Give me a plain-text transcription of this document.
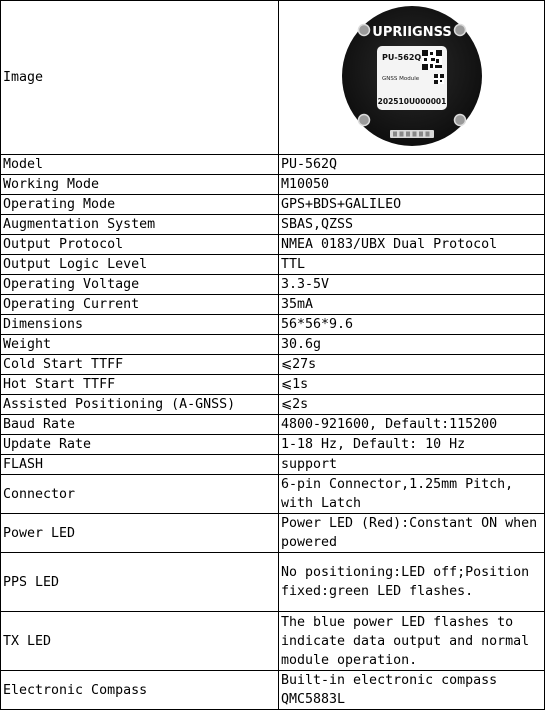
Image	UPRIIGNSS
PU-562Q
GNSS Module
202510U000001

Model	PU-562Q
Working Mode	M10050
Operating Mode	GPS+BDS+GALILEO
Augmentation System	SBAS,QZSS
Output Protocol	NMEA 0183/UBX Dual Protocol
Output Logic Level	TTL
Operating Voltage	3.3-5V
Operating Current	35mA
Dimensions	56*56*9.6
Weight	30.6g
Cold Start TTFF	⩽27s
Hot Start TTFF	⩽1s
Assisted Positioning (A-GNSS)	⩽2s
Baud Rate	4800-921600, Default:115200
Update Rate	1-18 Hz, Default: 10 Hz
FLASH	support
Connector	6-pin Connector,1.25mm Pitch, with Latch
Power LED	Power LED (Red):Constant ON when powered
PPS LED	No positioning:LED off;Position fixed:green LED flashes.
TX LED	The blue power LED flashes to indicate data output and normal module operation.
Electronic Compass	Built-in electronic compass QMC5883L
